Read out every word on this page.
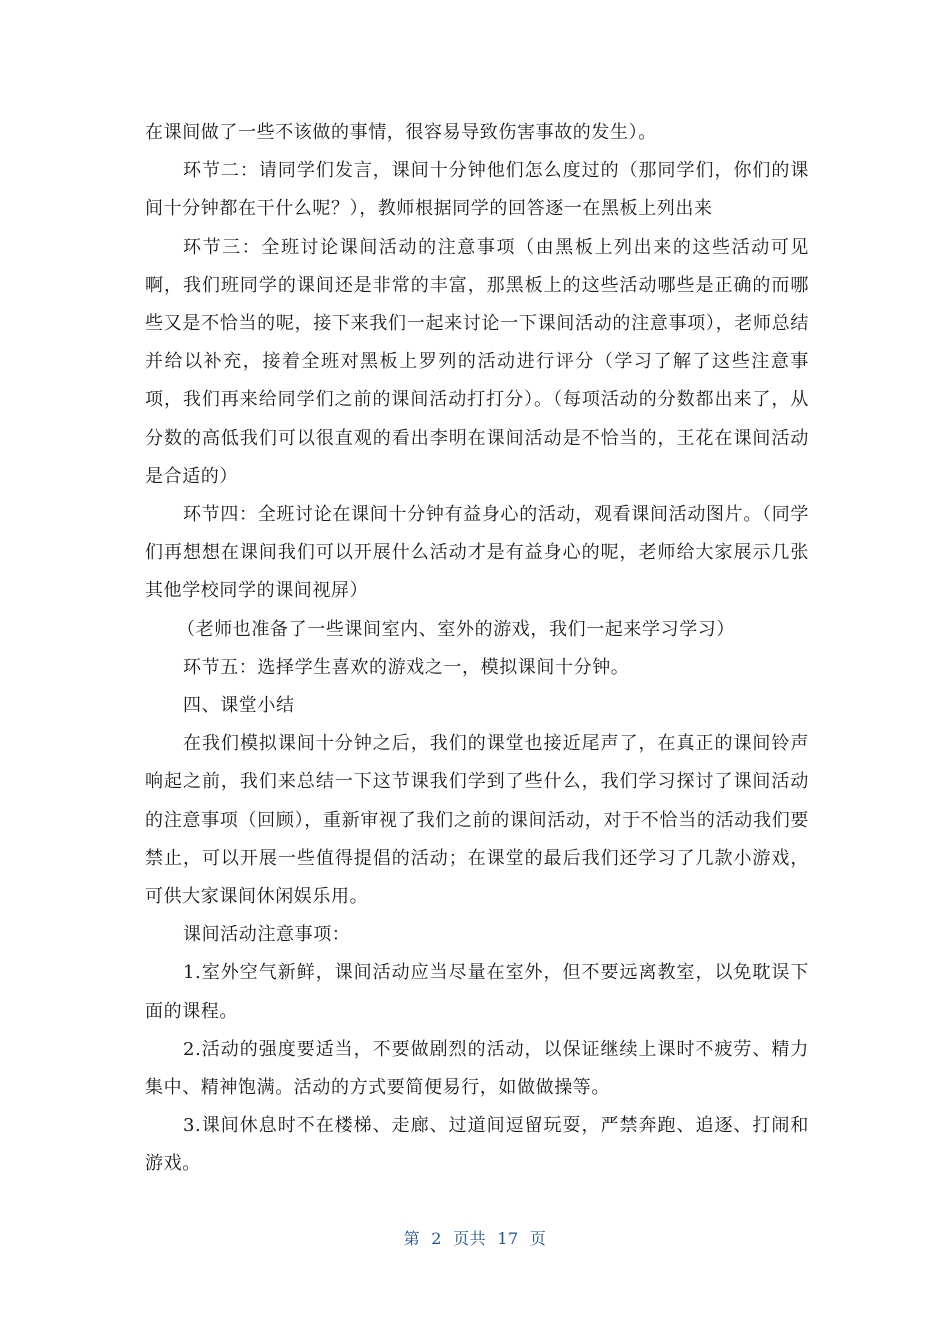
在课间做了一些不该做的事情，很容易导致伤害事故的发生）。

环节二：请同学们发言，课间十分钟他们怎么度过的（那同学们，你们的课间十分钟都在干什么呢？），教师根据同学的回答逐一在黑板上列出来

环节三：全班讨论课间活动的注意事项（由黑板上列出来的这些活动可见啊，我们班同学的课间还是非常的丰富，那黑板上的这些活动哪些是正确的而哪些又是不恰当的呢，接下来我们一起来讨论一下课间活动的注意事项），老师总结并给以补充，接着全班对黑板上罗列的活动进行评分（学习了解了这些注意事项，我们再来给同学们之前的课间活动打打分）。（每项活动的分数都出来了，从分数的高低我们可以很直观的看出李明在课间活动是不恰当的，王花在课间活动是合适的）

环节四：全班讨论在课间十分钟有益身心的活动，观看课间活动图片。（同学们再想想在课间我们可以开展什么活动才是有益身心的呢，老师给大家展示几张其他学校同学的课间视屏）

（老师也准备了一些课间室内、室外的游戏，我们一起来学习学习）

环节五：选择学生喜欢的游戏之一，模拟课间十分钟。

四、课堂小结

在我们模拟课间十分钟之后，我们的课堂也接近尾声了，在真正的课间铃声响起之前，我们来总结一下这节课我们学到了些什么，我们学习探讨了课间活动的注意事项（回顾），重新审视了我们之前的课间活动，对于不恰当的活动我们要禁止，可以开展一些值得提倡的活动；在课堂的最后我们还学习了几款小游戏，可供大家课间休闲娱乐用。

课间活动注意事项：

1.室外空气新鲜，课间活动应当尽量在室外，但不要远离教室，以免耽误下面的课程。

2.活动的强度要适当，不要做剧烈的活动，以保证继续上课时不疲劳、精力集中、精神饱满。活动的方式要简便易行，如做做操等。

3.课间休息时不在楼梯、走廊、过道间逗留玩耍，严禁奔跑、追逐、打闹和游戏。

第  2  页共  17  页
